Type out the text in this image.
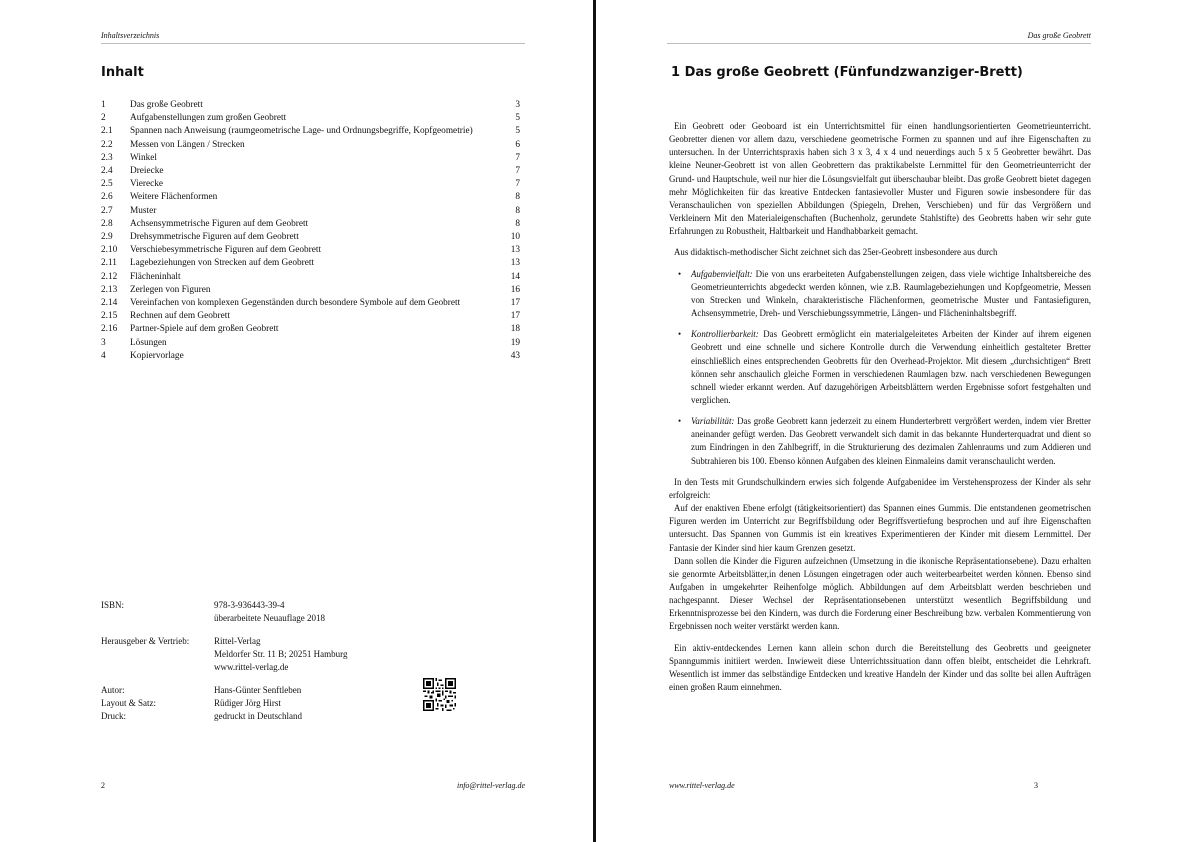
Inhaltsverzeichnis
Inhalt
1	Das große Geobrett	3
2	Aufgabenstellungen zum großen Geobrett	5
2.1	Spannen nach Anweisung (raumgeometrische Lage- und Ordnungsbegriffe, Kopfgeometrie)	5
2.2	Messen von Längen / Strecken	6
2.3	Winkel	7
2.4	Dreiecke	7
2.5	Vierecke	7
2.6	Weitere Flächenformen	8
2.7	Muster	8
2.8	Achsensymmetrische Figuren auf dem Geobrett	8
2.9	Drehsymmetrische Figuren auf dem Geobrett	10
2.10	Verschiebesymmetrische Figuren auf dem Geobrett	13
2.11	Lagebeziehungen von Strecken auf dem Geobrett	13
2.12	Flächeninhalt	14
2.13	Zerlegen von Figuren	16
2.14	Vereinfachen von komplexen Gegenständen durch besondere Symbole auf dem Geobrett	17
2.15	Rechnen auf dem Geobrett	17
2.16	Partner-Spiele auf dem großen Geobrett	18
3	Lösungen	19
4	Kopiervorlage	43
ISBN:	978-3-936443-39-4
überarbeitete Neuauflage 2018
Herausgeber & Vertrieb:	Rittel-Verlag
Meldorfer Str. 11 B; 20251 Hamburg
www.rittel-verlag.de
Autor:	Hans-Günter Senftleben
Layout & Satz:	Rüdiger Jörg Hirst
Druck:	gedruckt in Deutschland
2	info@rittel-verlag.de
Das große Geobrett
1 Das große Geobrett (Fünfundzwanziger-Brett)

Ein Geobrett oder Geoboard ist ein Unterrichtsmittel für einen handlungsorientierten Geometrieunterricht. Geobretter dienen vor allem dazu, verschiedene geometrische Formen zu spannen und auf ihre Eigenschaften zu untersuchen. In der Unterrichtspraxis haben sich 3 x 3, 4 x 4 und neuerdings auch 5 x 5 Geobretter bewährt. Das kleine Neuner-Geobrett ist von allen Geobrettern das praktikabelste Lernmittel für den Geometrieunterricht der Grund- und Hauptschule, weil nur hier die Lösungsvielfalt gut überschaubar bleibt. Das große Geobrett bietet dagegen mehr Möglichkeiten für das kreative Entdecken fantasievoller Muster und Figuren sowie insbesondere für das Veranschaulichen von speziellen Abbildungen (Spiegeln, Drehen, Verschieben) und für das Vergrößern und Verkleinern Mit den Materialeigenschaften (Buchenholz, gerundete Stahlstifte) des Geobretts haben wir sehr gute Erfahrungen zu Robustheit, Haltbarkeit und Handhabbarkeit gemacht.

Aus didaktisch-methodischer Sicht zeichnet sich das 25er-Geobrett insbesondere aus durch

• Aufgabenvielfalt: Die von uns erarbeiteten Aufgabenstellungen zeigen, dass viele wichtige Inhaltsbereiche des Geometrieunterrichts abgedeckt werden können, wie z.B. Raumlagebeziehungen und Kopfgeometrie, Messen von Strecken und Winkeln, charakteristische Flächenformen, geometrische Muster und Fantasiefiguren, Achsensymmetrie, Dreh- und Verschiebungssymmetrie, Längen- und Flächeninhaltsbegriff.
• Kontrollierbarkeit: Das Geobrett ermöglicht ein materialgeleitetes Arbeiten der Kinder auf ihrem eigenen Geobrett und eine schnelle und sichere Kontrolle durch die Verwendung einheitlich gestalteter Bretter einschließlich eines entsprechenden Geobretts für den Overhead-Projektor. Mit diesem „durchsichtigen“ Brett können sehr anschaulich gleiche Formen in verschiedenen Raumlagen bzw. nach verschiedenen Bewegungen schnell wieder erkannt werden. Auf dazugehörigen Arbeitsblättern werden Ergebnisse sofort festgehalten und verglichen.
• Variabilität: Das große Geobrett kann jederzeit zu einem Hunderterbrett vergrößert werden, indem vier Bretter aneinander gefügt werden. Das Geobrett verwandelt sich damit in das bekannte Hunderterquadrat und dient so zum Eindringen in den Zahlbegriff, in die Strukturierung des dezimalen Zahlenraums und zum Addieren und Subtrahieren bis 100. Ebenso können Aufgaben des kleinen Einmaleins damit veranschaulicht werden.

In den Tests mit Grundschulkindern erwies sich folgende Aufgabenidee im Verstehensprozess der Kinder als sehr erfolgreich:

Auf der enaktiven Ebene erfolgt (tätigkeitsorientiert) das Spannen eines Gummis. Die entstandenen geometrischen Figuren werden im Unterricht zur Begriffsbildung oder Begriffsvertiefung besprochen und auf ihre Eigenschaften untersucht. Das Spannen von Gummis ist ein kreatives Experimentieren der Kinder mit diesem Lernmittel. Der Fantasie der Kinder sind hier kaum Grenzen gesetzt.

Dann sollen die Kinder die Figuren aufzeichnen (Umsetzung in die ikonische Repräsentationsebene). Dazu erhalten sie genormte Arbeitsblätter,in denen Lösungen eingetragen oder auch weiterbearbeitet werden können. Ebenso sind Aufgaben in umgekehrter Reihenfolge möglich. Abbildungen auf dem Arbeitsblatt werden beschrieben und nachgespannt. Dieser Wechsel der Repräsentationsebenen unterstützt wesentlich Begriffsbildung und Erkenntnisprozesse bei den Kindern, was durch die Forderung einer Beschreibung bzw. verbalen Kommentierung von Ergebnissen noch weiter verstärkt werden kann.

Ein aktiv-entdeckendes Lernen kann allein schon durch die Bereitstellung des Geobretts und geeigneter Spanngummis initiiert werden. Inwieweit diese Unterrichtssituation dann offen bleibt, entscheidet die Lehrkraft. Wesentlich ist immer das selbständige Entdecken und kreative Handeln der Kinder und das sollte bei allen Aufträgen einen großen Raum einnehmen.

www.rittel-verlag.de	3
